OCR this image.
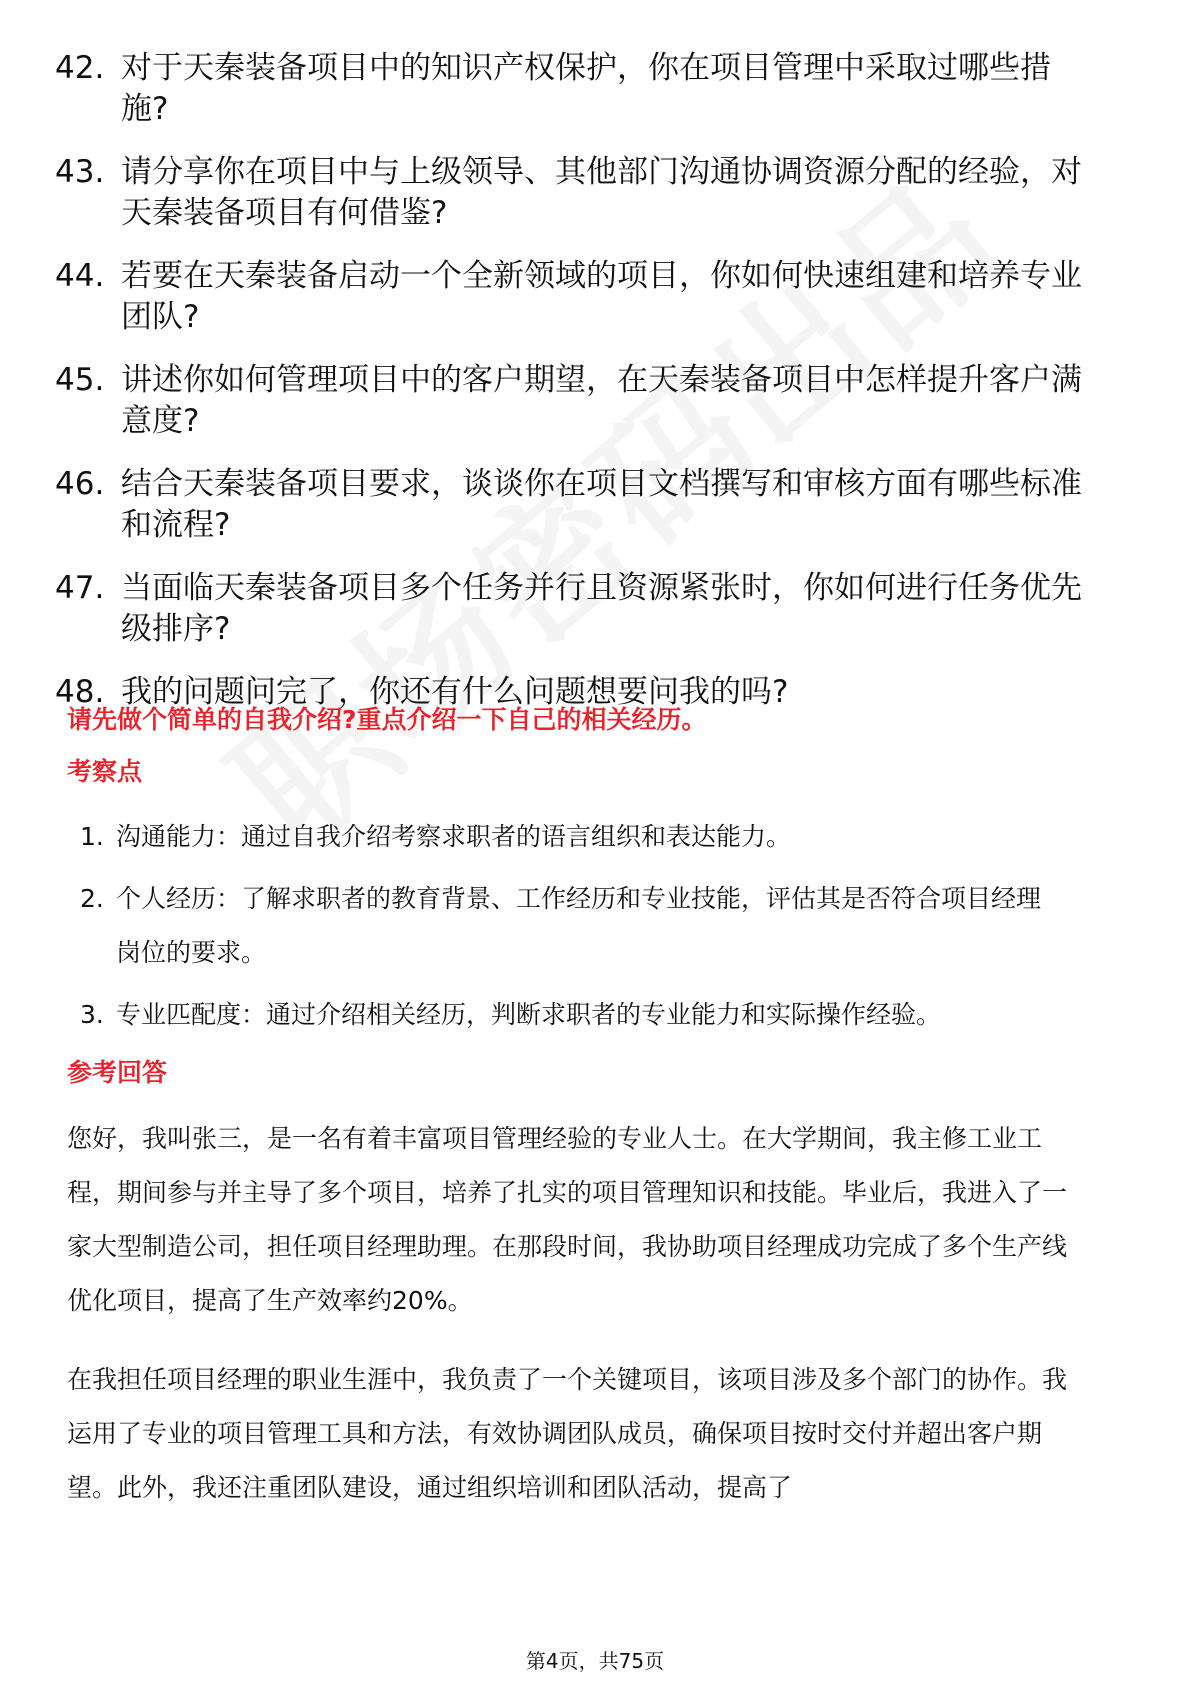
42. 对于天秦装备项目中的知识产权保护，你在项目管理中采取过哪些措施?
43. 请分享你在项目中与上级领导、其他部门沟通协调资源分配的经验，对天秦装备项目有何借鉴?
44. 若要在天秦装备启动一个全新领域的项目，你如何快速组建和培养专业团队?
45. 讲述你如何管理项目中的客户期望，在天秦装备项目中怎样提升客户满意度?
46. 结合天秦装备项目要求，谈谈你在项目文档撰写和审核方面有哪些标准和流程?
47. 当面临天秦装备项目多个任务并行且资源紧张时，你如何进行任务优先级排序?
48. 我的问题问完了，你还有什么问题想要问我的吗?
请先做个简单的自我介绍?重点介绍一下自己的相关经历。
考察点
1. 沟通能力：通过自我介绍考察求职者的语言组织和表达能力。
2. 个人经历：了解求职者的教育背景、工作经历和专业技能，评估其是否符合项目经理岗位的要求。
3. 专业匹配度：通过介绍相关经历，判断求职者的专业能力和实际操作经验。
参考回答

您好，我叫张三，是一名有着丰富项目管理经验的专业人士。在大学期间，我主修工业工程，期间参与并主导了多个项目，培养了扎实的项目管理知识和技能。毕业后，我进入了一家大型制造公司，担任项目经理助理。在那段时间，我协助项目经理成功完成了多个生产线优化项目，提高了生产效率约20%。

在我担任项目经理的职业生涯中，我负责了一个关键项目，该项目涉及多个部门的协作。我运用了专业的项目管理工具和方法，有效协调团队成员，确保项目按时交付并超出客户期望。此外，我还注重团队建设，通过组织培训和团队活动，提高了

第4页，共75页
